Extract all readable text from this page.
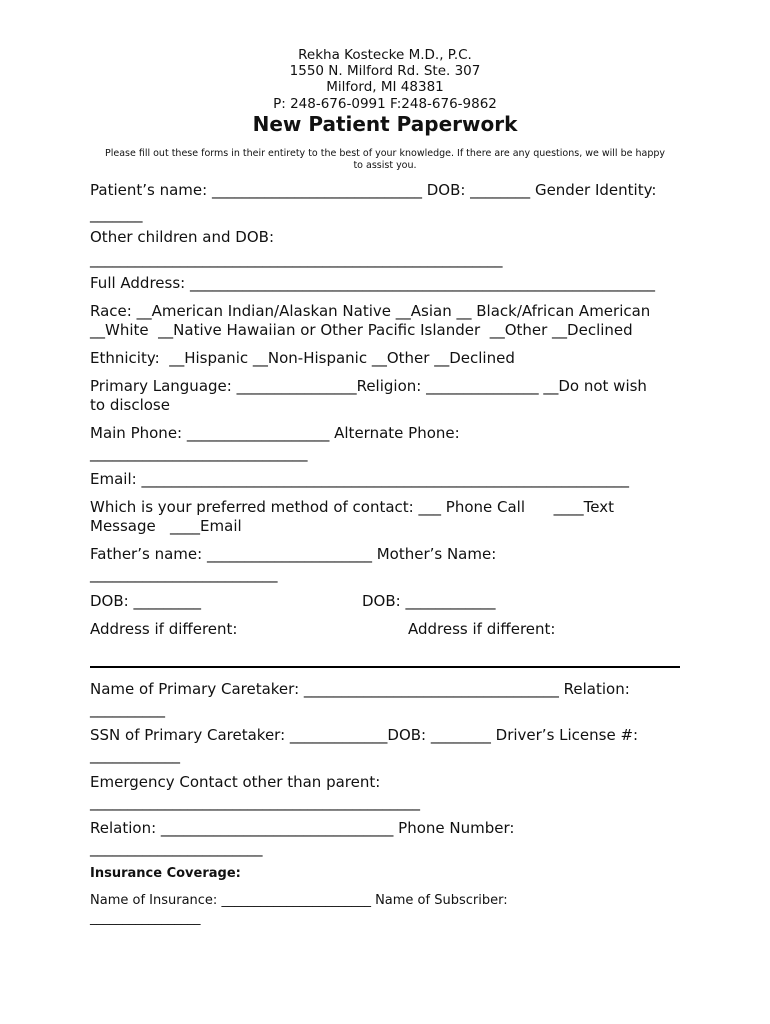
Rekha Kostecke M.D., P.C.
1550 N. Milford Rd. Ste. 307
Milford, MI 48381
P: 248-676-0991 F:248-676-9862
New Patient Paperwork
Please fill out these forms in their entirety to the best of your knowledge. If there are any questions, we will be happy to assist you.
Patient’s name: ____________________________ DOB: ________ Gender Identity:
_______
Other children and DOB:
_______________________________________________________
Full Address: ______________________________________________________________
Race: __American Indian/Alaskan Native __Asian __ Black/African American
__White  __Native Hawaiian or Other Pacific Islander  __Other __Declined
Ethnicity:  __Hispanic __Non-Hispanic __Other __Declined
Primary Language: ________________Religion: _______________ __Do not wish
to disclose
Main Phone: ___________________ Alternate Phone:
_____________________________
Email: _________________________________________________________________
Which is your preferred method of contact: ___ Phone Call      ____Text
Message   ____Email
Father’s name: ______________________ Mother’s Name:
_________________________
DOB: _________	DOB: ____________
Address if different:	Address if different:
Name of Primary Caretaker: __________________________________ Relation:
__________
SSN of Primary Caretaker: _____________DOB: ________ Driver’s License #:
____________
Emergency Contact other than parent:
____________________________________________
Relation: _______________________________ Phone Number:
_______________________
Insurance Coverage:
Name of Insurance: _______________________ Name of Subscriber:
_________________
